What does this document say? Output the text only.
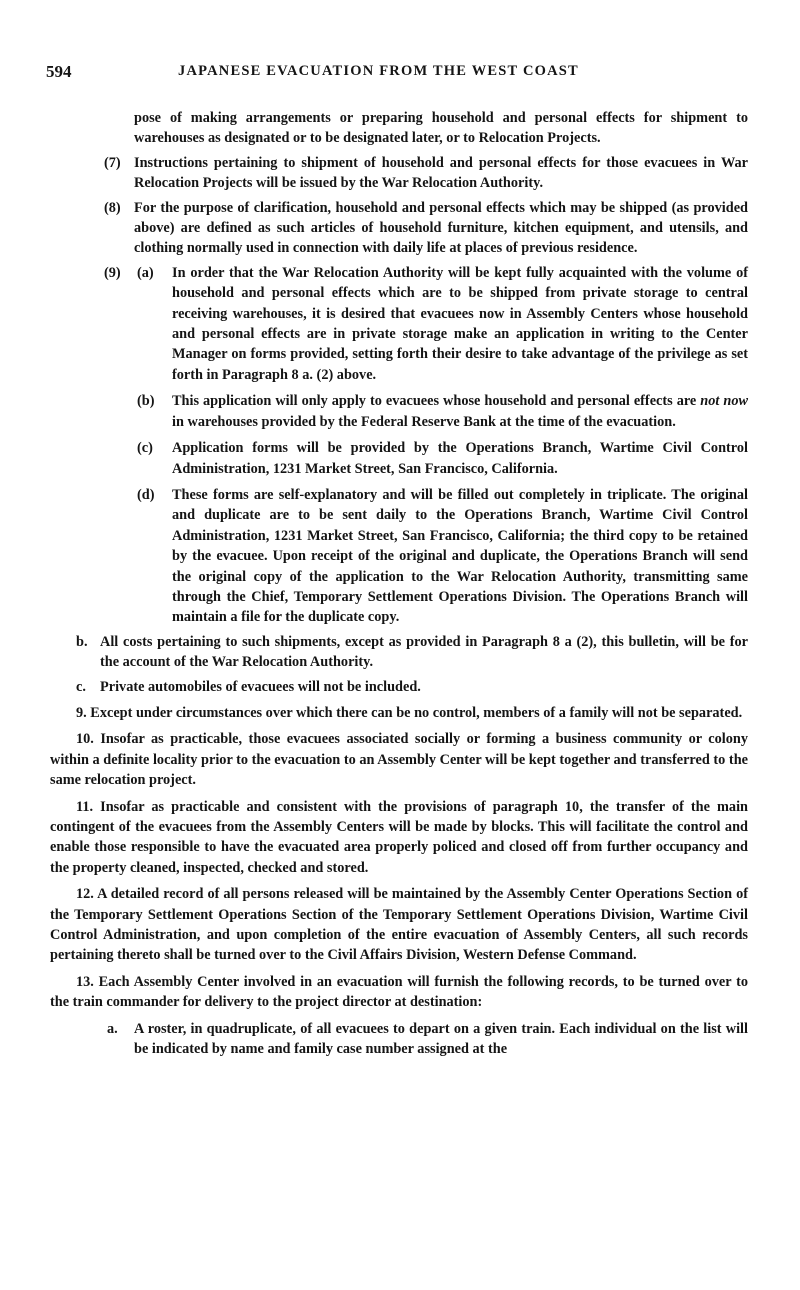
594	JAPANESE EVACUATION FROM THE WEST COAST

pose of making arrangements or preparing household and personal effects for shipment to warehouses as designated or to be designated later, or to Relocation Projects.

(7) Instructions pertaining to shipment of household and personal effects for those evacuees in War Relocation Projects will be issued by the War Relocation Authority.
(8) For the purpose of clarification, household and personal effects which may be shipped (as provided above) are defined as such articles of household furniture, kitchen equipment, and utensils, and clothing normally used in connection with daily life at places of previous residence.
(9) (a) In order that the War Relocation Authority will be kept fully acquainted with the volume of household and personal effects which are to be shipped from private storage to central receiving warehouses, it is desired that evacuees now in Assembly Centers whose household and personal effects are in private storage make an application in writing to the Center Manager on forms provided, setting forth their desire to take advantage of the privilege as set forth in Paragraph 8 a. (2) above.
(b) This application will only apply to evacuees whose household and personal effects are not now in warehouses provided by the Federal Reserve Bank at the time of the evacuation.
(c) Application forms will be provided by the Operations Branch, Wartime Civil Control Administration, 1231 Market Street, San Francisco, California.
(d) These forms are self-explanatory and will be filled out completely in triplicate. The original and duplicate are to be sent daily to the Operations Branch, Wartime Civil Control Administration, 1231 Market Street, San Francisco, California; the third copy to be retained by the evacuee. Upon receipt of the original and duplicate, the Operations Branch will send the original copy of the application to the War Relocation Authority, transmitting same through the Chief, Temporary Settlement Operations Division. The Operations Branch will maintain a file for the duplicate copy.
b. All costs pertaining to such shipments, except as provided in Paragraph 8 a (2), this bulletin, will be for the account of the War Relocation Authority.
c. Private automobiles of evacuees will not be included.

9. Except under circumstances over which there can be no control, members of a family will not be separated.

10. Insofar as practicable, those evacuees associated socially or forming a business community or colony within a definite locality prior to the evacuation to an Assembly Center will be kept together and transferred to the same relocation project.

11. Insofar as practicable and consistent with the provisions of paragraph 10, the transfer of the main contingent of the evacuees from the Assembly Centers will be made by blocks. This will facilitate the control and enable those responsible to have the evacuated area properly policed and closed off from further occupancy and the property cleaned, inspected, checked and stored.

12. A detailed record of all persons released will be maintained by the Assembly Center Operations Section of the Temporary Settlement Operations Section of the Temporary Settlement Operations Division, Wartime Civil Control Administration, and upon completion of the entire evacuation of Assembly Centers, all such records pertaining thereto shall be turned over to the Civil Affairs Division, Western Defense Command.

13. Each Assembly Center involved in an evacuation will furnish the following records, to be turned over to the train commander for delivery to the project director at destination:

a. A roster, in quadruplicate, of all evacuees to depart on a given train. Each individual on the list will be indicated by name and family case number assigned at the
